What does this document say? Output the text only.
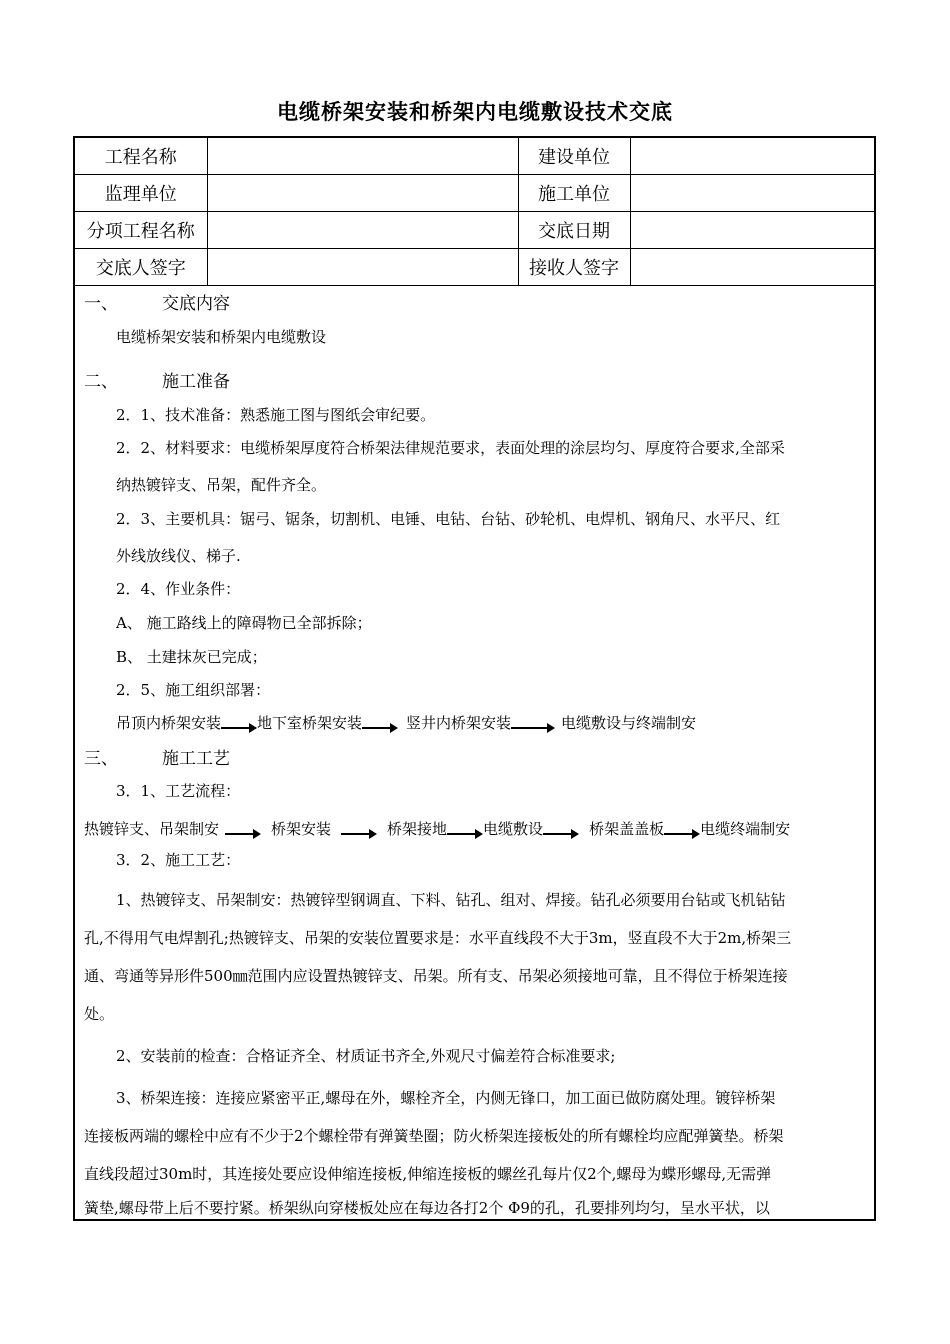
电缆桥架安装和桥架内电缆敷设技术交底
工程名称		建设单位	
监理单位		施工单位	
分项工程名称		交底日期	
交底人签字		接收人签字	
一、	交底内容
电缆桥架安装和桥架内电缆敷设
二、	施工准备
2．1、技术准备：熟悉施工图与图纸会审纪要。
2．2、材料要求：电缆桥架厚度符合桥架法律规范要求，表面处理的涂层均匀、厚度符合要求,全部采
纳热镀锌支、吊架，配件齐全。
2．3、主要机具：锯弓、锯条，切割机、电锤、电钻、台钻、砂轮机、电焊机、钢角尺、水平尺、红
外线放线仪、梯子.
2．4、作业条件：
A、 施工路线上的障碍物已全部拆除；
B、 土建抹灰已完成；
2．5、施工组织部署：
吊顶内桥架安装 地下室桥架安装	竖井内桥架安装	电缆敷设与终端制安
三、	施工工艺
3．1、工艺流程：
热镀锌支、吊架制安	桥架安装	桥架接地 电缆敷设	桥架盖盖板 电缆终端制安
3．2、施工工艺：
1、热镀锌支、吊架制安：热镀锌型钢调直、下料、钻孔、组对、焊接。钻孔必须要用台钻或飞机钻钻
孔,不得用气电焊割孔;热镀锌支、吊架的安装位置要求是：水平直线段不大于3m，竖直段不大于2m,桥架三
通、弯通等异形件500㎜范围内应设置热镀锌支、吊架。所有支、吊架必须接地可靠，且不得位于桥架连接
处。
2、安装前的检查：合格证齐全、材质证书齐全,外观尺寸偏差符合标准要求;
3、桥架连接：连接应紧密平正,螺母在外，螺栓齐全，内侧无锋口，加工面已做防腐处理。镀锌桥架
连接板两端的螺栓中应有不少于2个螺栓带有弹簧垫圈；防火桥架连接板处的所有螺栓均应配弹簧垫。桥架
直线段超过30m时，其连接处要应设伸缩连接板,伸缩连接板的螺丝孔每片仅2个,螺母为蝶形螺母,无需弹
簧垫,螺母带上后不要拧紧。桥架纵向穿楼板处应在每边各打2个 Φ9的孔，孔要排列均匀，呈水平状，以
